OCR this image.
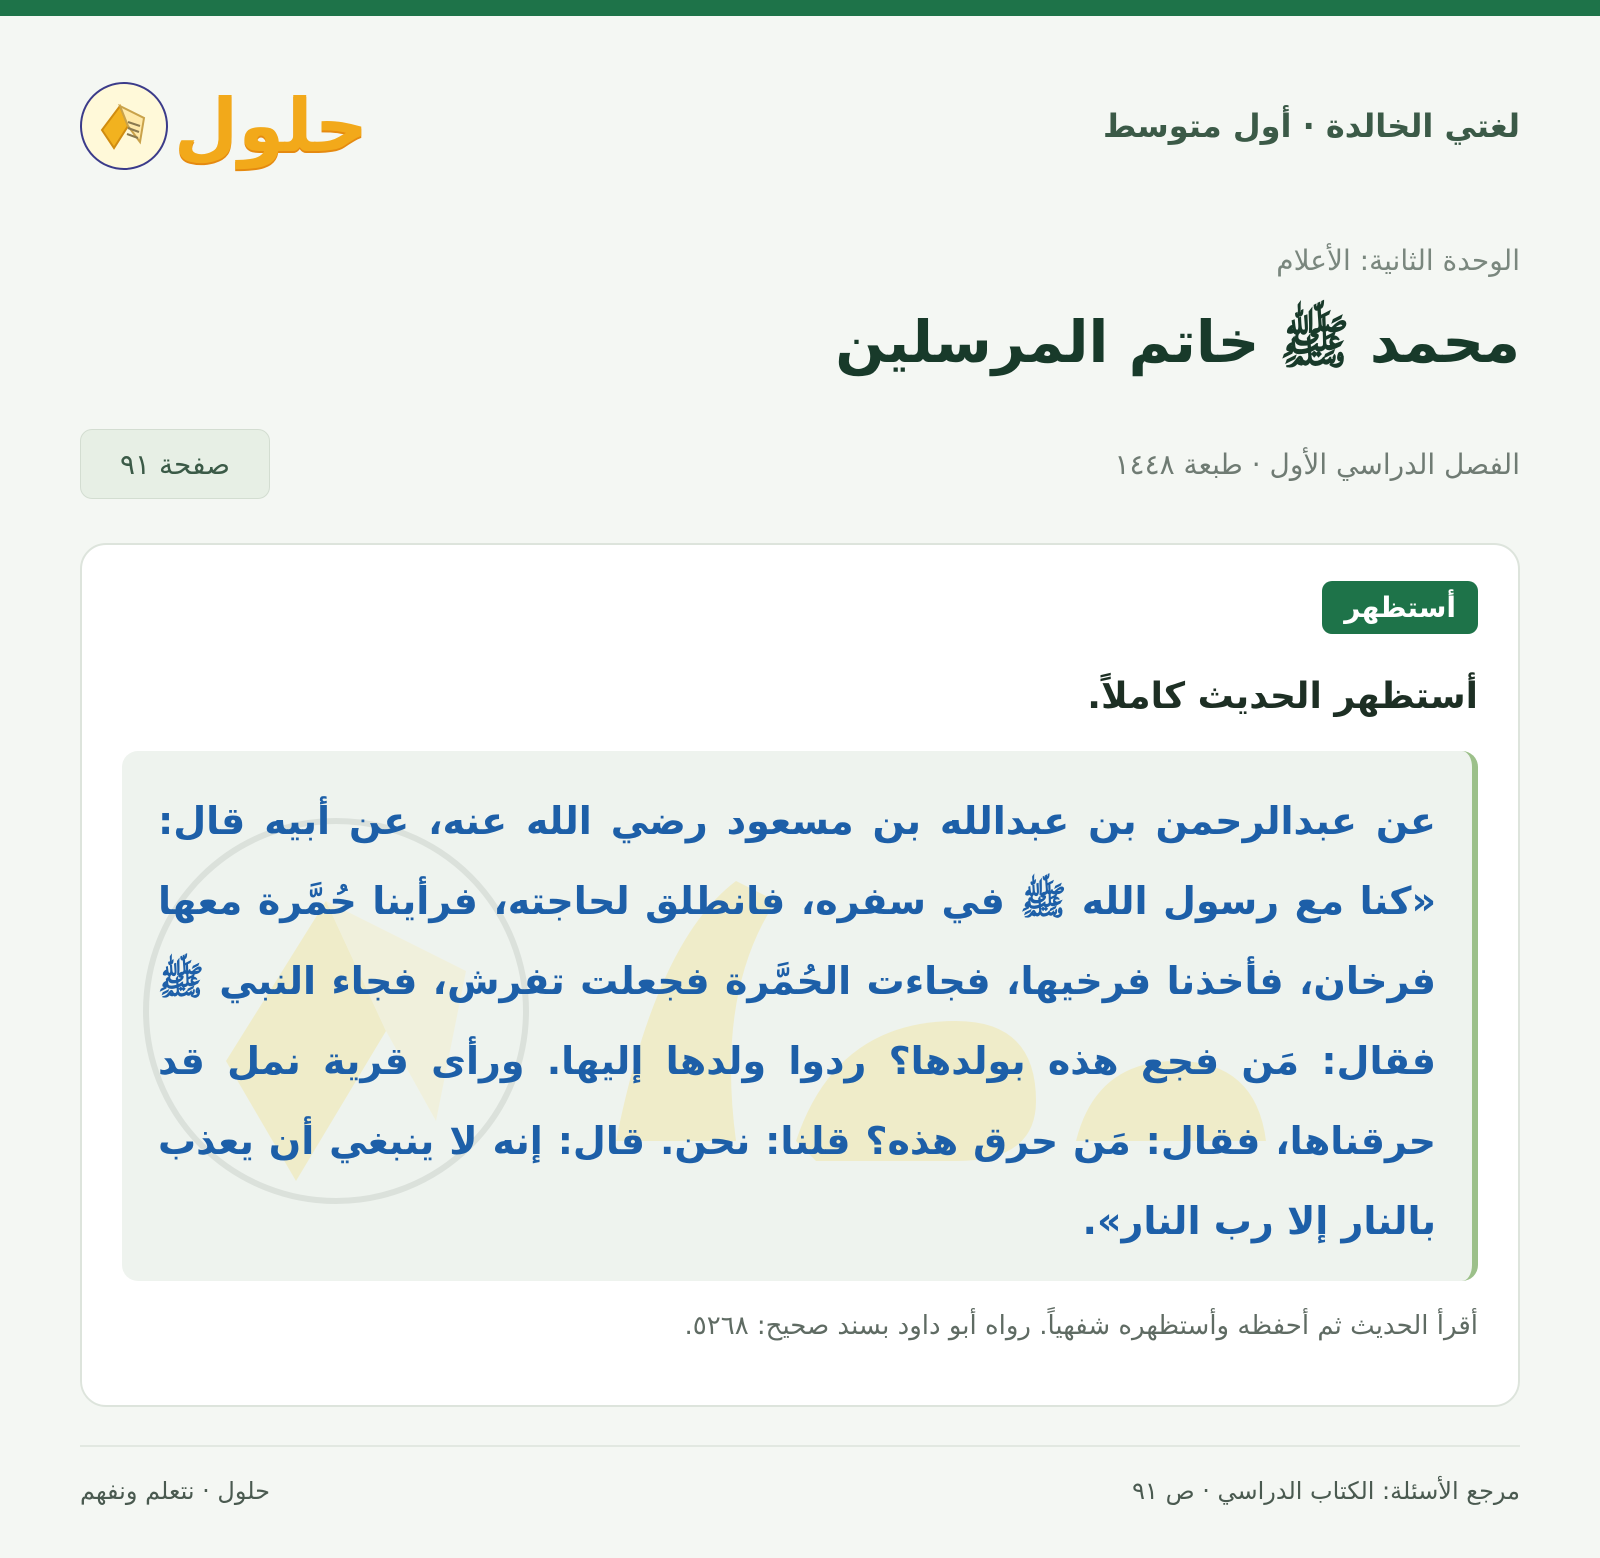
لغتي الخالدة · أول متوسط
حلول
الوحدة الثانية: الأعلام
محمد ﷺ خاتم المرسلين
الفصل الدراسي الأول · طبعة ١٤٤٨
صفحة ٩١
أستظهر
أستظهر الحديث كاملاً.

عن عبدالرحمن بن عبدالله بن مسعود رضي الله عنه، عن أبيه قال: «كنا مع رسول الله ﷺ في سفره، فانطلق لحاجته، فرأينا حُمَّرة معها فرخان، فأخذنا فرخيها، فجاءت الحُمَّرة فجعلت تفرش، فجاء النبي ﷺ فقال: مَن فجع هذه بولدها؟ ردوا ولدها إليها. ورأى قرية نمل قد حرقناها، فقال: مَن حرق هذه؟ قلنا: نحن. قال: إنه لا ينبغي أن يعذب بالنار إلا رب النار».

أقرأ الحديث ثم أحفظه وأستظهره شفهياً. رواه أبو داود بسند صحيح: ٥٢٦٨.
مرجع الأسئلة: الكتاب الدراسي · ص ٩١
حلول · نتعلم ونفهم
